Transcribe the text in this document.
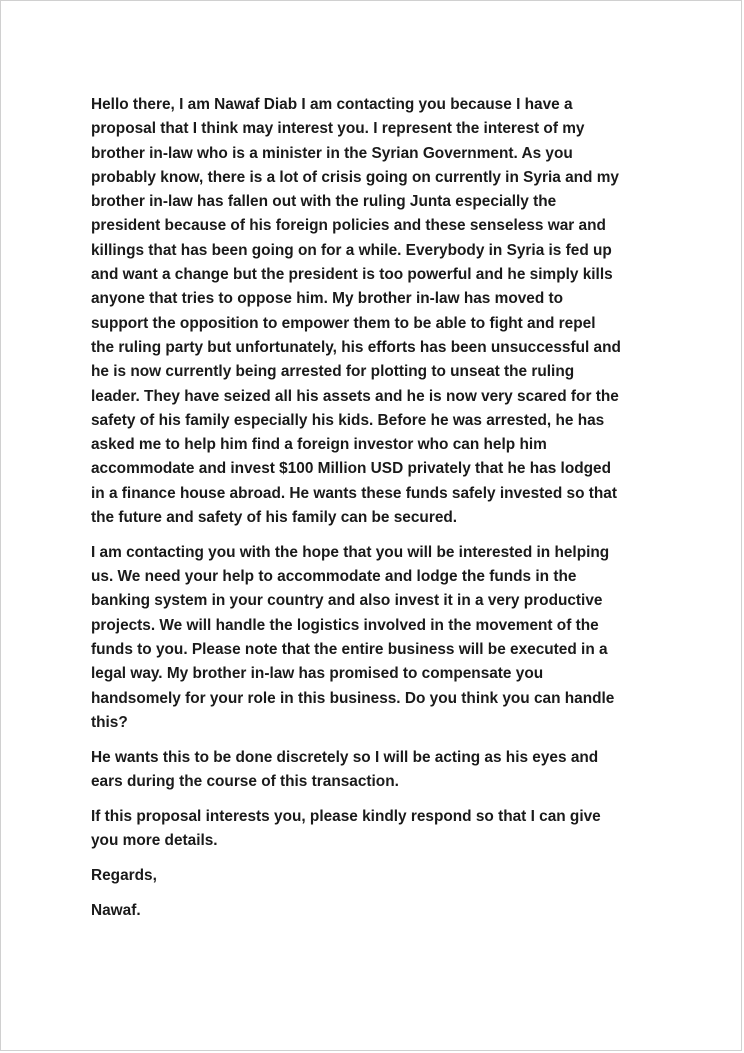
Hello there, I am Nawaf Diab I am contacting you because I have a
proposal that I think may interest you. I represent the interest of my
brother in-law who is a minister in the Syrian Government. As you
probably know, there is a lot of crisis going on currently in Syria and my
brother in-law has fallen out with the ruling Junta especially the
president because of his foreign policies and these senseless war and
killings that has been going on for a while. Everybody in Syria is fed up
and want a change but the president is too powerful and he simply kills
anyone that tries to oppose him. My brother in-law has moved to
support the opposition to empower them to be able to fight and repel
the ruling party but unfortunately, his efforts has been unsuccessful and
he is now currently being arrested for plotting to unseat the ruling
leader. They have seized all his assets and he is now very scared for the
safety of his family especially his kids. Before he was arrested, he has
asked me to help him find a foreign investor who can help him
accommodate and invest $100 Million USD privately that he has lodged
in a finance house abroad. He wants these funds safely invested so that
the future and safety of his family can be secured.

I am contacting you with the hope that you will be interested in helping
us. We need your help to accommodate and lodge the funds in the
banking system in your country and also invest it in a very productive
projects. We will handle the logistics involved in the movement of the
funds to you. Please note that the entire business will be executed in a
legal way. My brother in-law has promised to compensate you
handsomely for your role in this business. Do you think you can handle
this?

He wants this to be done discretely so I will be acting as his eyes and
ears during the course of this transaction.

If this proposal interests you, please kindly respond so that I can give
you more details.

Regards,

Nawaf.
